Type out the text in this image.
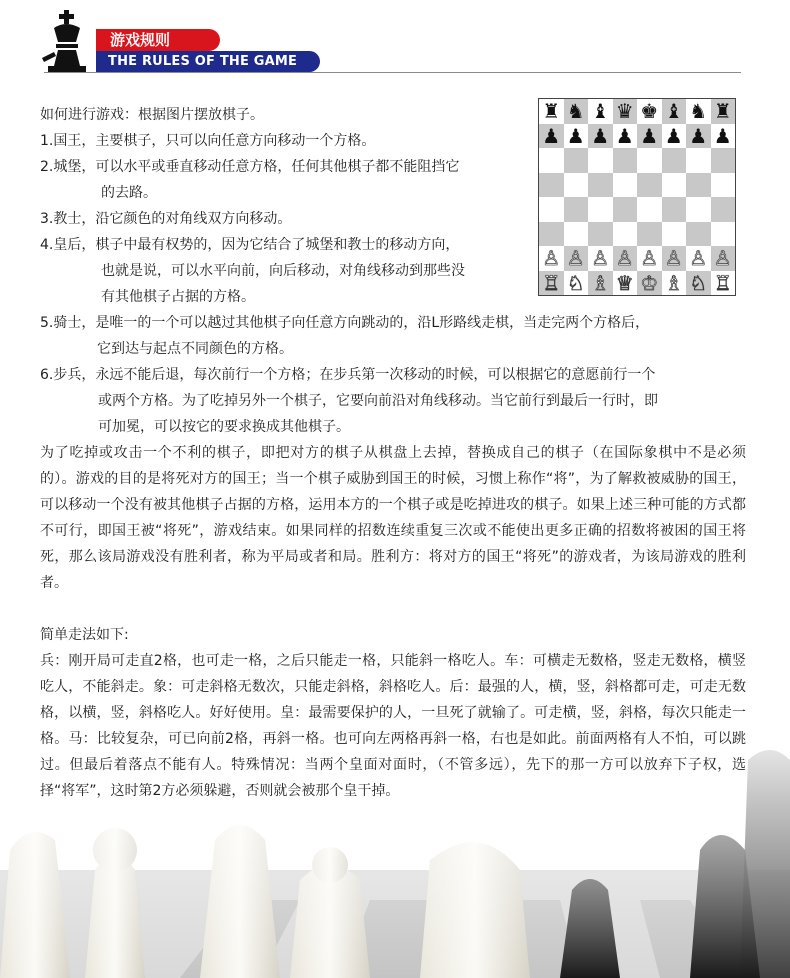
游戏规则
THE RULES OF THE GAME
♜ ♞ ♝ ♛ ♚ ♝ ♞ ♜
♟ ♟ ♟ ♟ ♟ ♟ ♟ ♟
♙ ♙ ♙ ♙ ♙ ♙ ♙ ♙
♖ ♘ ♗ ♕ ♔ ♗ ♘ ♖

如何进行游戏：根据图片摆放棋子。

1.国王，主要棋子，只可以向任意方向移动一个方格。

2.城堡，可以水平或垂直移动任意方格，任何其他棋子都不能阻挡它

的去路。

3.教士，沿它颜色的对角线双方向移动。

4.皇后，棋子中最有权势的，因为它结合了城堡和教士的移动方向，

也就是说，可以水平向前，向后移动，对角线移动到那些没

有其他棋子占据的方格。

5.骑士，是唯一的一个可以越过其他棋子向任意方向跳动的，沿L形路线走棋，当走完两个方格后，

它到达与起点不同颜色的方格。

6.步兵，永远不能后退，每次前行一个方格；在步兵第一次移动的时候，可以根据它的意愿前行一个

或两个方格。为了吃掉另外一个棋子，它要向前沿对角线移动。当它前行到最后一行时，即

可加冕，可以按它的要求换成其他棋子。

为了吃掉或攻击一个不利的棋子，即把对方的棋子从棋盘上去掉，替换成自己的棋子（在国际象棋中不是必须的）。游戏的目的是将死对方的国王；当一个棋子威胁到国王的时候，习惯上称作“将”，为了解救被威胁的国王，可以移动一个没有被其他棋子占据的方格，运用本方的一个棋子或是吃掉进攻的棋子。如果上述三种可能的方式都不可行，即国王被“将死”，游戏结束。如果同样的招数连续重复三次或不能使出更多正确的招数将被困的国王将死，那么该局游戏没有胜利者，称为平局或者和局。胜利方：将对方的国王“将死”的游戏者，为该局游戏的胜利者。

简单走法如下:

兵：刚开局可走直2格，也可走一格，之后只能走一格，只能斜一格吃人。车：可横走无数格，竖走无数格，横竖吃人，不能斜走。象：可走斜格无数次，只能走斜格，斜格吃人。后：最强的人，横，竖，斜格都可走，可走无数格，以横，竖，斜格吃人。好好使用。皇：最需要保护的人，一旦死了就输了。可走横，竖，斜格，每次只能走一格。马：比较复杂，可已向前2格，再斜一格。也可向左两格再斜一格，右也是如此。前面两格有人不怕，可以跳过。但最后着落点不能有人。特殊情况：当两个皇面对面时，（不管多远），先下的那一方可以放弃下子权，选择“将军”，这时第2方必须躲避，否则就会被那个皇干掉。
